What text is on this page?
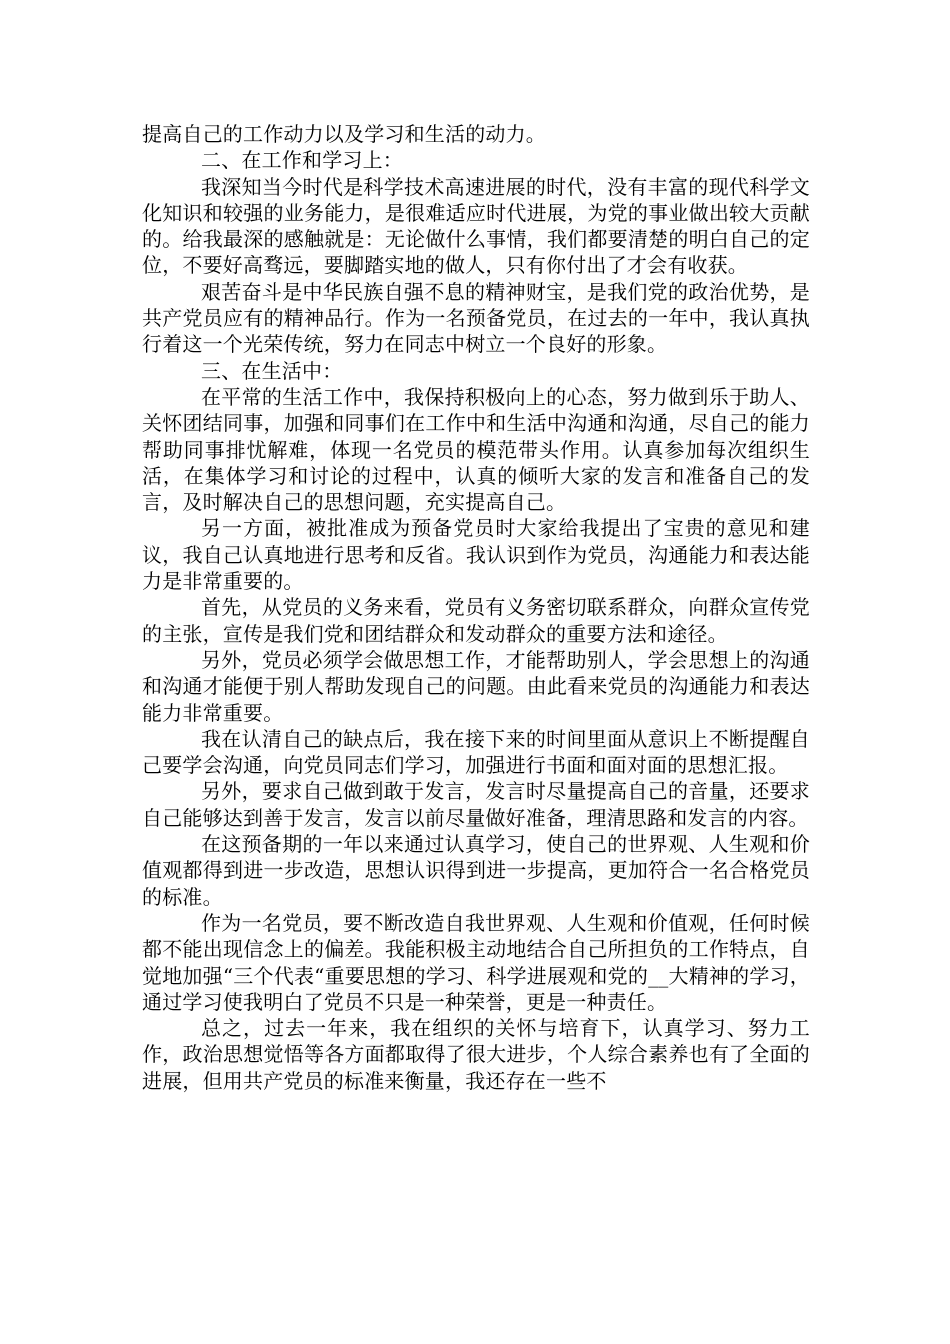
提高自己的工作动力以及学习和生活的动力。

二、在工作和学习上：

我深知当今时代是科学技术高速进展的时代，没有丰富的现代科学文化知识和较强的业务能力，是很难适应时代进展，为党的事业做出较大贡献的。给我最深的感触就是：无论做什么事情，我们都要清楚的明白自己的定位，不要好高骛远，要脚踏实地的做人，只有你付出了才会有收获。

艰苦奋斗是中华民族自强不息的精神财宝，是我们党的政治优势，是共产党员应有的精神品行。作为一名预备党员，在过去的一年中，我认真执行着这一个光荣传统，努力在同志中树立一个良好的形象。

三、在生活中：

在平常的生活工作中，我保持积极向上的心态，努力做到乐于助人、关怀团结同事，加强和同事们在工作中和生活中沟通和沟通，尽自己的能力帮助同事排忧解难，体现一名党员的模范带头作用。认真参加每次组织生活，在集体学习和讨论的过程中，认真的倾听大家的发言和准备自己的发言，及时解决自己的思想问题，充实提高自己。

另一方面，被批准成为预备党员时大家给我提出了宝贵的意见和建议，我自己认真地进行思考和反省。我认识到作为党员，沟通能力和表达能力是非常重要的。

首先，从党员的义务来看，党员有义务密切联系群众，向群众宣传党的主张，宣传是我们党和团结群众和发动群众的重要方法和途径。

另外，党员必须学会做思想工作，才能帮助别人，学会思想上的沟通和沟通才能便于别人帮助发现自己的问题。由此看来党员的沟通能力和表达能力非常重要。

我在认清自己的缺点后，我在接下来的时间里面从意识上不断提醒自己要学会沟通，向党员同志们学习，加强进行书面和面对面的思想汇报。

另外，要求自己做到敢于发言，发言时尽量提高自己的音量，还要求自己能够达到善于发言，发言以前尽量做好准备，理清思路和发言的内容。

在这预备期的一年以来通过认真学习，使自己的世界观、人生观和价值观都得到进一步改造，思想认识得到进一步提高，更加符合一名合格党员的标准。

作为一名党员，要不断改造自我世界观、人生观和价值观，任何时候都不能出现信念上的偏差。我能积极主动地结合自己所担负的工作特点，自觉地加强“三个代表“重要思想的学习、科学进展观和党的__大精神的学习，通过学习使我明白了党员不只是一种荣誉，更是一种责任。

总之，过去一年来，我在组织的关怀与培育下，认真学习、努力工作，政治思想觉悟等各方面都取得了很大进步，个人综合素养也有了全面的进展，但用共产党员的标准来衡量，我还存在一些不
